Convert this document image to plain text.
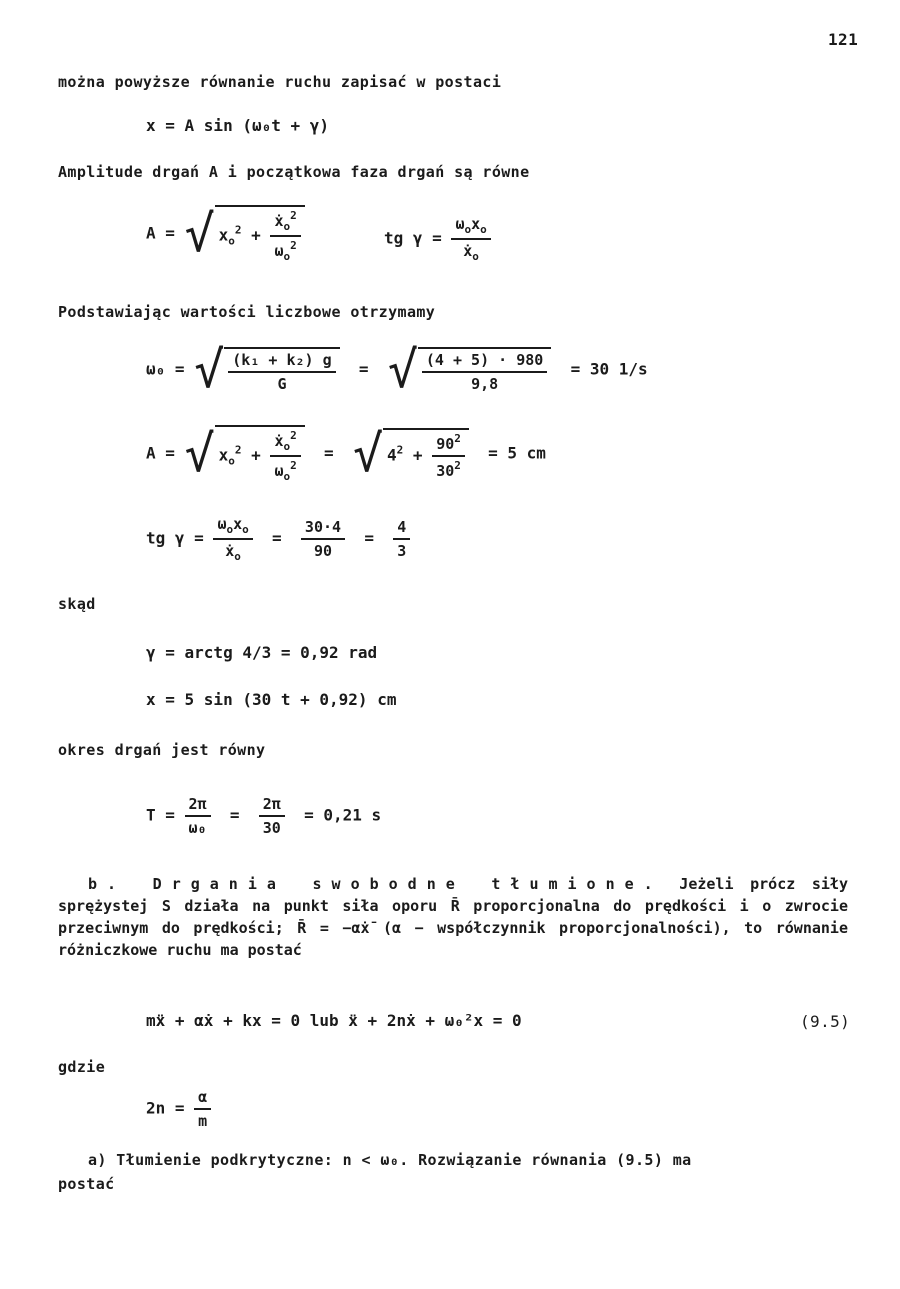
121
można powyższe równanie ruchu zapisać w postaci
x = A sin (ω₀t + γ)
Amplitude drgań A i początkowa faza drgań są równe
A = √ $x_o^2 + \frac{ẋ_o^2}{\omega_o^2}$	tg $\gamma = \frac{\omega_ox_o}{ẋ_o}$
Podstawiając wartości liczbowe otrzymamy
ω₀ = √ $\frac{\text{(k₁ + k₂) g}}{G}$ =  √ $\frac{(4 + 5) \cdot 980}{9,8} = 30$ 1/s
A = √ $x_o^2 + \frac{ẋ_o^2}{\omega_o^2}$ =  √ $4^2 + \frac{90^2}{30^2} = 5$ cm
tg $\gamma = \frac{\omega_ox_o}{ẋ_o} = \frac{30\cdot 4}{90} = \frac{4}{3}$
skąd
γ = arctg 4/3 = 0,92 rad
x = 5 sin (30 t + 0,92) cm
okres drgań jest równy
$T = \frac{2\pi}{\text{ω₀}} = \frac{2\pi}{30} = 0,21$ s
b. Drgania swobodne tłumione. Jeżeli prócz siły sprężystej S działa na punkt siła oporu R̄ proporcjonalna do prędkości i o zwrocie przeciwnym do prędkości; R̄ = −αẋ̄ (α − współczynnik proporcjonalności), to równanie różniczkowe ruchu ma postać
mẍ + αẋ + kx = 0 lub ẍ + 2nẋ + ω₀²x = 0	(9.5)
gdzie
$2n = \frac{\alpha}{m}$
a) Tłumienie podkrytyczne: n < ω₀. Rozwiązanie równania (9.5) ma
postać
